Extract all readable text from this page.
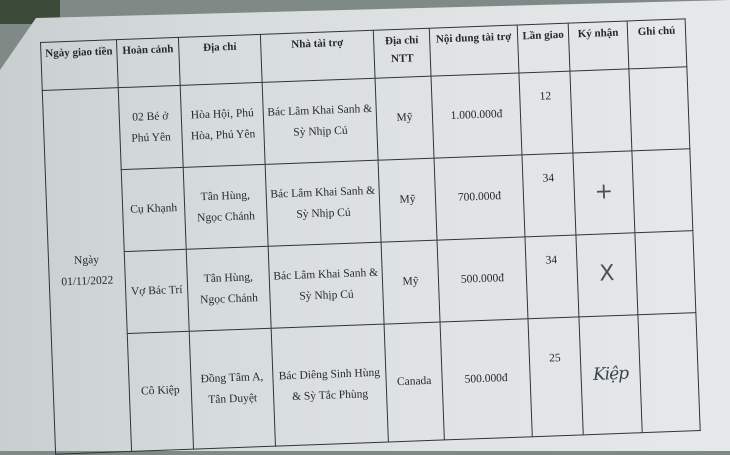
Ngày giao tiền	Hoàn cảnh	Địa chỉ	Nhà tài trợ	Địa chỉ NTT	Nội dung tài trợ	Lần giao	Ký nhận	Ghi chú
Ngày 01/11/2022	02 Bé ở Phú Yên	Hòa Hội, Phú Hòa, Phú Yên	Bác Lâm Khai Sanh & Sỳ Nhịp Cú	Mỹ	1.000.000đ	12		
	Cụ Khạnh	Tân Hùng, Ngọc Chánh	Bác Lâm Khai Sanh & Sỳ Nhịp Cú	Mỹ	700.000đ	34	+	
	Vợ Bác Trí	Tân Hùng, Ngọc Chánh	Bác Lâm Khai Sanh & Sỳ Nhịp Cú	Mỹ	500.000đ	34	X	
	Cô Kiệp	Đồng Tâm A, Tân Duyệt	Bác Diêng Sinh Hùng & Sỳ Tắc Phùng	Canada	500.000đ	25	Kiệp	
